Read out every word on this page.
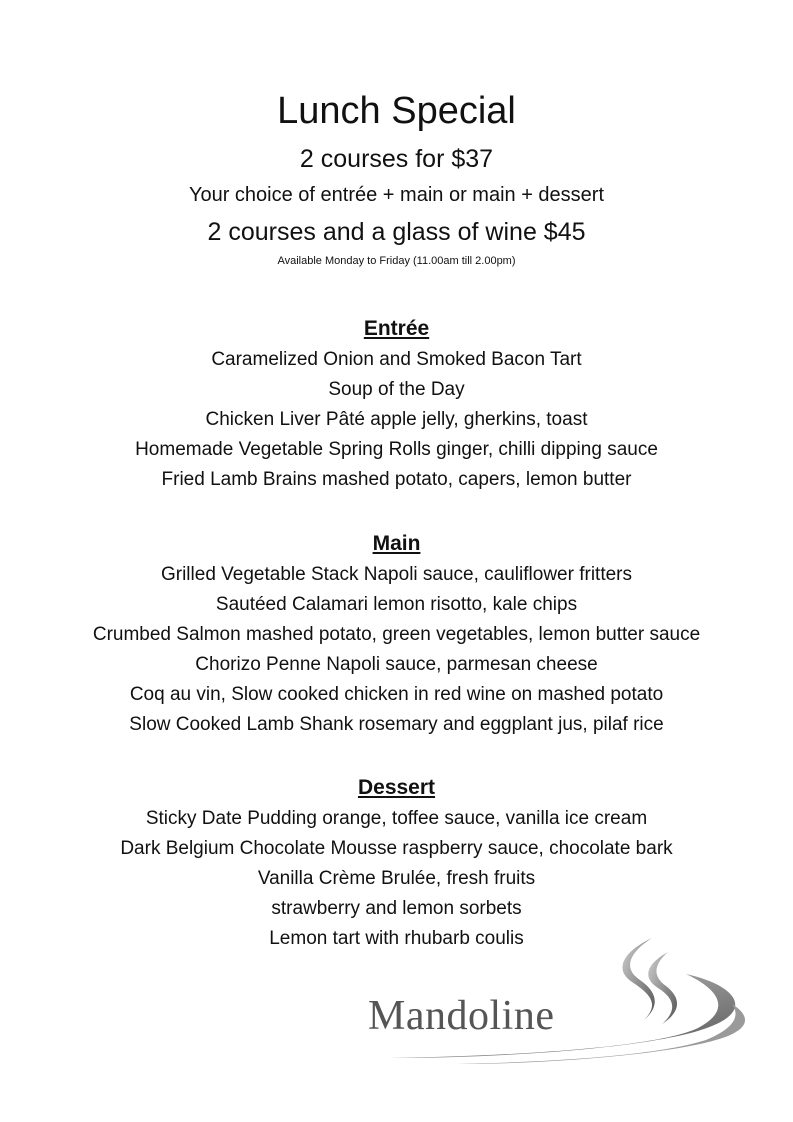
Lunch Special
2 courses for $37
Your choice of entrée + main or main + dessert
2 courses and a glass of wine $45
Available Monday to Friday (11.00am till 2.00pm)
Entrée
Caramelized Onion and Smoked Bacon Tart
Soup of the Day
Chicken Liver Pâté apple jelly, gherkins, toast
Homemade Vegetable Spring Rolls ginger, chilli dipping sauce
Fried Lamb Brains mashed potato, capers, lemon butter
Main
Grilled Vegetable Stack Napoli sauce, cauliflower fritters
Sautéed Calamari lemon risotto, kale chips
Crumbed Salmon mashed potato, green vegetables, lemon butter sauce
Chorizo Penne Napoli sauce, parmesan cheese
Coq au vin, Slow cooked chicken in red wine on mashed potato
Slow Cooked Lamb Shank rosemary and eggplant jus, pilaf rice
Dessert
Sticky Date Pudding orange, toffee sauce, vanilla ice cream
Dark Belgium Chocolate Mousse raspberry sauce, chocolate bark
Vanilla Crème Brulée, fresh fruits
strawberry and lemon sorbets
Lemon tart with rhubarb coulis
Mandoline
